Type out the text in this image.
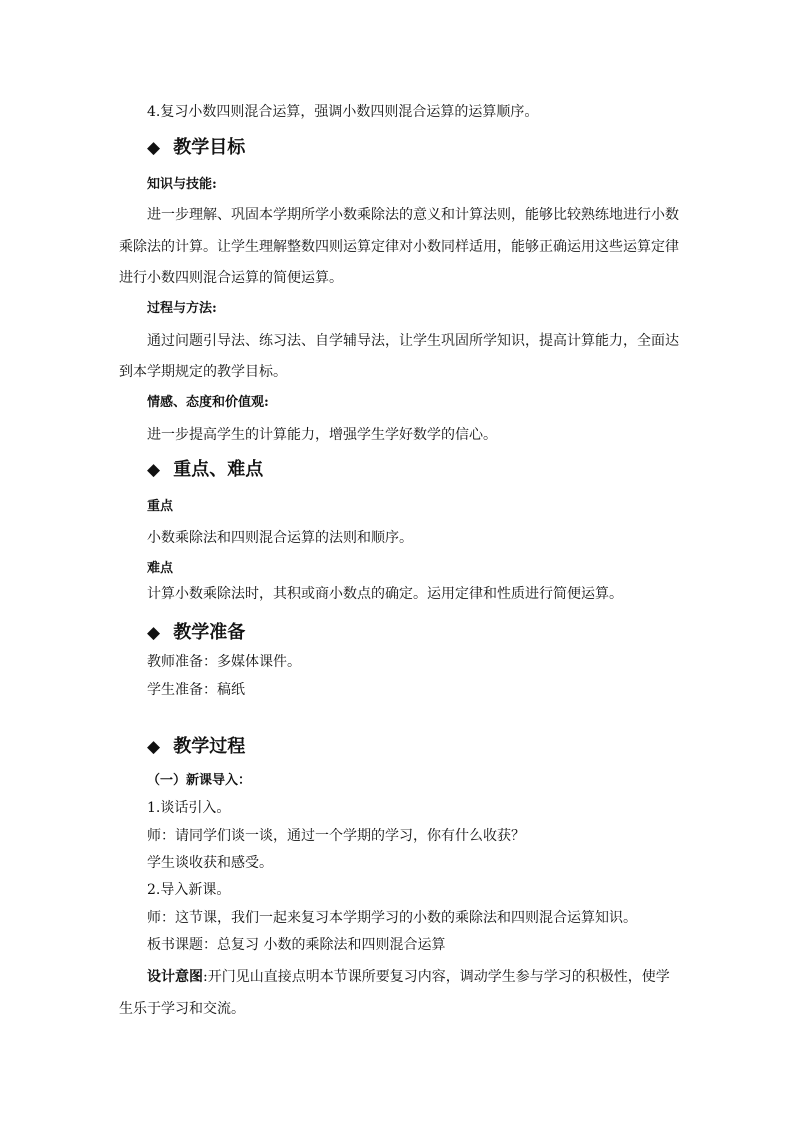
4.复习小数四则混合运算，强调小数四则混合运算的运算顺序。
◆ 教学目标
知识与技能:
进一步理解、巩固本学期所学小数乘除法的意义和计算法则，能够比较熟练地进行小数
乘除法的计算。让学生理解整数四则运算定律对小数同样适用，能够正确运用这些运算定律
进行小数四则混合运算的简便运算。
过程与方法:
通过问题引导法、练习法、自学辅导法，让学生巩固所学知识，提高计算能力，全面达
到本学期规定的教学目标。
情感、态度和价值观:
进一步提高学生的计算能力，增强学生学好数学的信心。
◆ 重点、难点
重点
小数乘除法和四则混合运算的法则和顺序。
难点
计算小数乘除法时，其积或商小数点的确定。运用定律和性质进行简便运算。
◆ 教学准备
教师准备：多媒体课件。
学生准备：稿纸
◆ 教学过程
（一）新课导入：
1.谈话引入。
师：请同学们谈一谈，通过一个学期的学习，你有什么收获？
学生谈收获和感受。
2.导入新课。
师：这节课，我们一起来复习本学期学习的小数的乘除法和四则混合运算知识。
板书课题：总复习 小数的乘除法和四则混合运算
设计意图:开门见山直接点明本节课所要复习内容，调动学生参与学习的积极性，使学
生乐于学习和交流。
